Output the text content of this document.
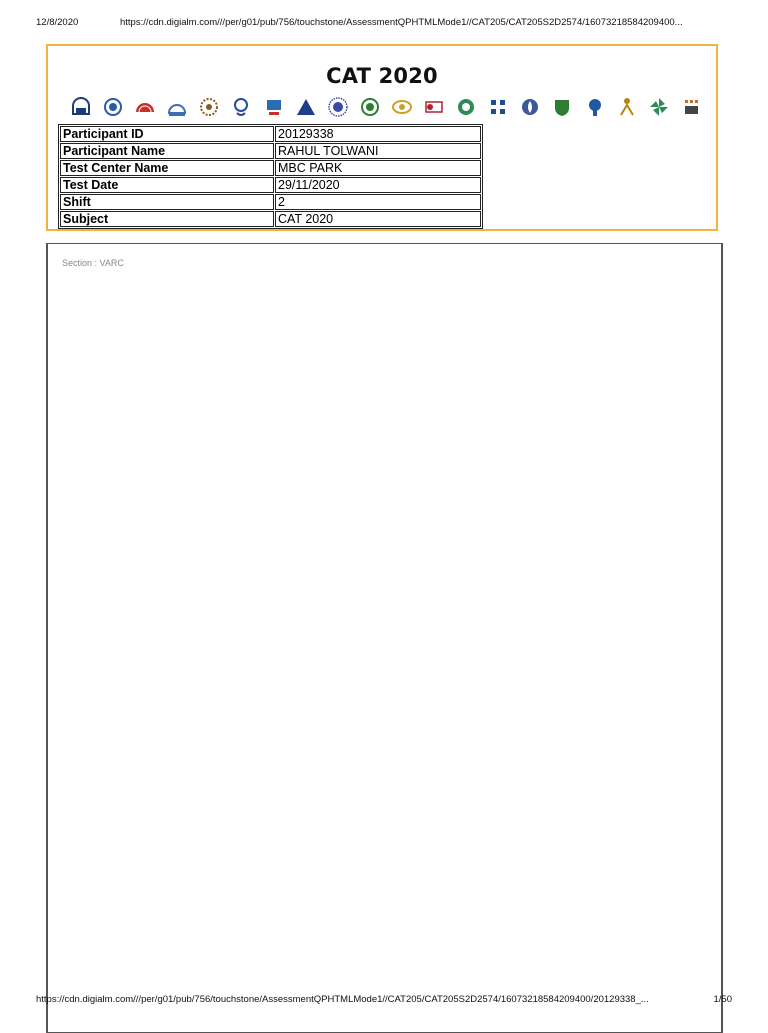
12/8/2020	https://cdn.digialm.com///per/g01/pub/756/touchstone/AssessmentQPHTMLMode1//CAT205/CAT205S2D2574/16073218584209400...
CAT 2020
Participant ID	20129338
Participant Name	RAHUL TOLWANI
Test Center Name	MBC PARK
Test Date	29/11/2020
Shift	2
Subject	CAT 2020
Section : VARC
https://cdn.digialm.com///per/g01/pub/756/touchstone/AssessmentQPHTMLMode1//CAT205/CAT205S2D2574/16073218584209400/20129338_...	1/50
